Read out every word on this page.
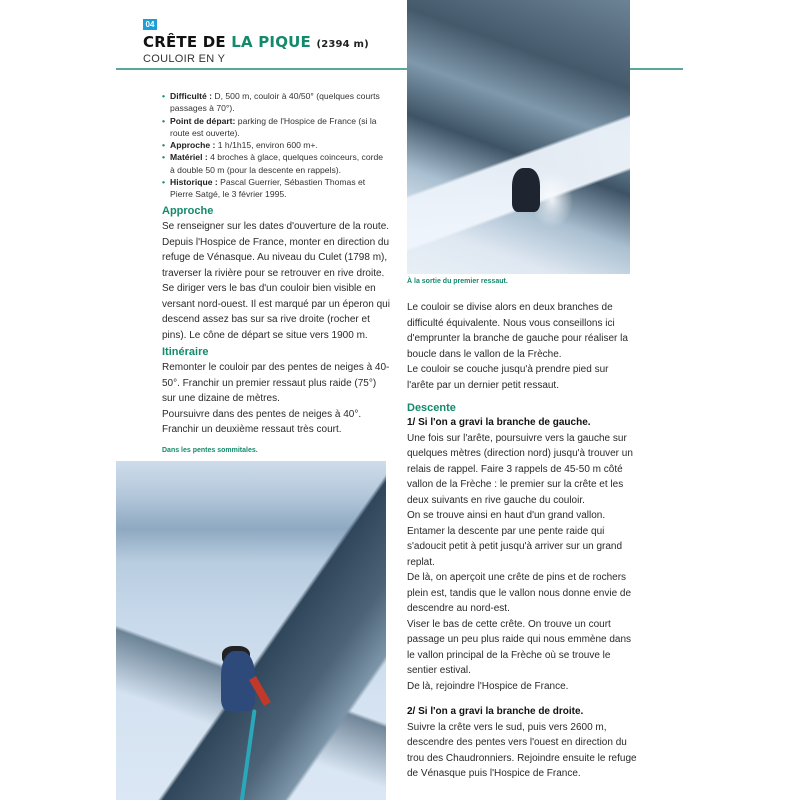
04
CRÊTE DE LA PIQUE (2394 m)
COULOIR EN Y
À la sortie du premier ressaut.
• Difficulté : D, 500 m, couloir à 40/50° (quelques courts passages à 70°).
• Point de départ: parking de l'Hospice de France (si la route est ouverte).
• Approche : 1 h/1h15, environ 600 m+.
• Matériel : 4 broches à glace, quelques coinceurs, corde à double 50 m (pour la descente en rappels).
• Historique : Pascal Guerrier, Sébastien Thomas et Pierre Satgé, le 3 février 1995.
Approche

Se renseigner sur les dates d'ouverture de la route. Depuis l'Hospice de France, monter en direction du refuge de Vénasque. Au niveau du Culet (1798 m), traverser la rivière pour se retrouver en rive droite. Se diriger vers le bas d'un couloir bien visible en versant nord-ouest. Il est marqué par un éperon qui descend assez bas sur sa rive droite (rocher et pins). Le cône de départ se situe vers 1900 m.

Itinéraire

Remonter le couloir par des pentes de neiges à 40-50°. Franchir un premier ressaut plus raide (75°) sur une dizaine de mètres.

Poursuivre dans des pentes de neiges à 40°. Franchir un deuxième ressaut très court.

Dans les pentes sommitales.

Le couloir se divise alors en deux branches de difficulté équivalente. Nous vous conseillons ici d'emprunter la branche de gauche pour réaliser la boucle dans le vallon de la Frèche.

Le couloir se couche jusqu'à prendre pied sur l'arête par un dernier petit ressaut.

Descente

1/ Si l'on a gravi la branche de gauche.

Une fois sur l'arête, poursuivre vers la gauche sur quelques mètres (direction nord) jusqu'à trouver un relais de rappel. Faire 3 rappels de 45-50 m côté vallon de la Frèche : le premier sur la crête et les deux suivants en rive gauche du couloir.

On se trouve ainsi en haut d'un grand vallon. Entamer la descente par une pente raide qui s'adoucit petit à petit jusqu'à arriver sur un grand replat.

De là, on aperçoit une crête de pins et de rochers plein est, tandis que le vallon nous donne envie de descendre au nord-est.

Viser le bas de cette crête. On trouve un court passage un peu plus raide qui nous emmène dans le vallon principal de la Frèche où se trouve le sentier estival.

De là, rejoindre l'Hospice de France.

2/ Si l'on a gravi la branche de droite.

Suivre la crête vers le sud, puis vers 2600 m, descendre des pentes vers l'ouest en direction du trou des Chaudronniers. Rejoindre ensuite le refuge de Vénasque puis l'Hospice de France.
